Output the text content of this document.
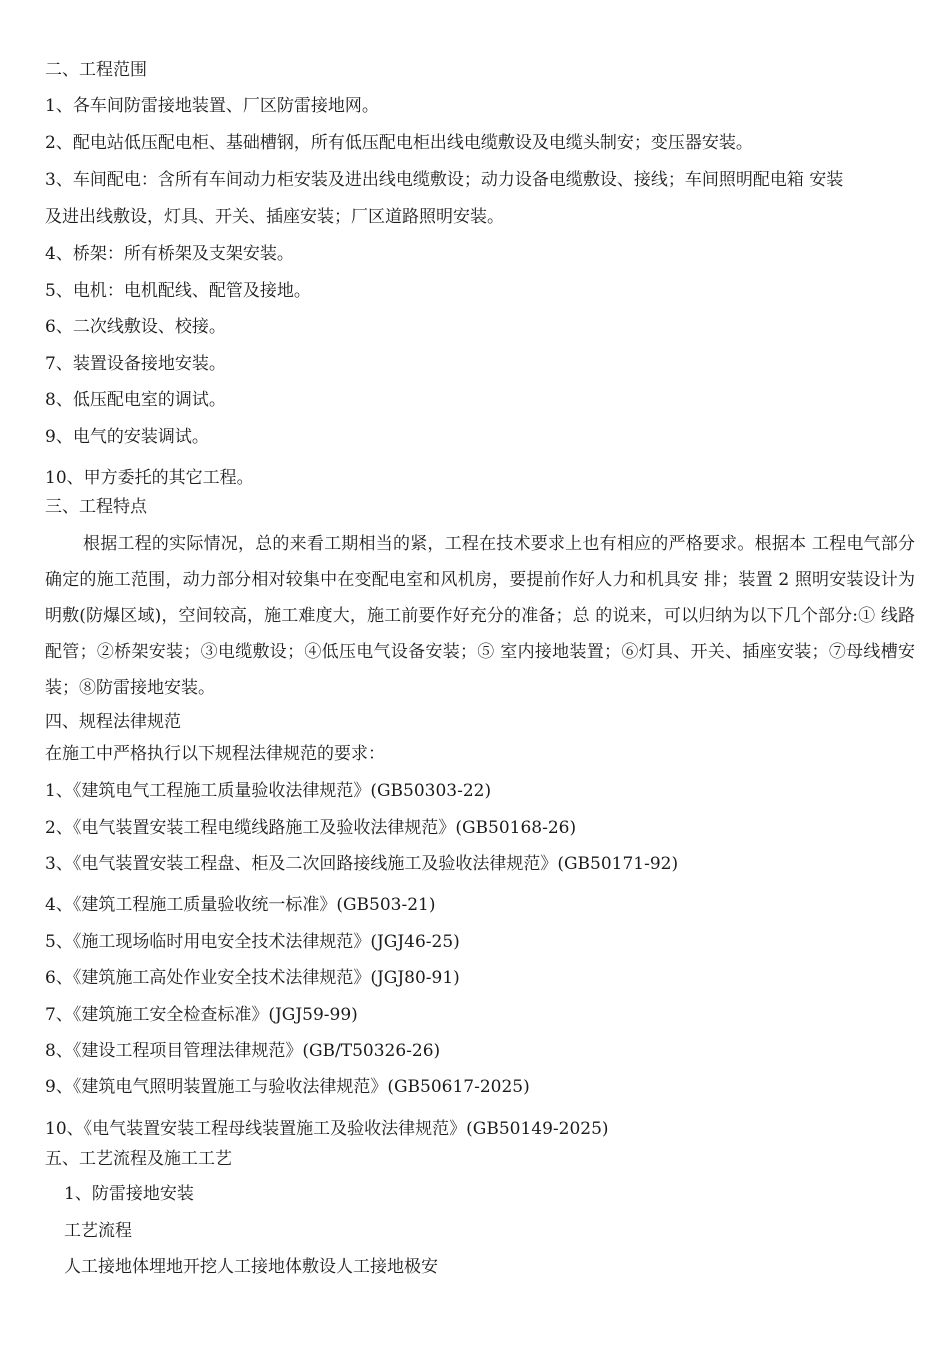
二、工程范围
1、各车间防雷接地装置、厂区防雷接地网。
2、配电站低压配电柜、基础槽钢，所有低压配电柜出线电缆敷设及电缆头制安；变压器安装。
3、车间配电：含所有车间动力柜安装及进出线电缆敷设；动力设备电缆敷设、接线；车间照明配电箱 安装
及进出线敷设，灯具、开关、插座安装；厂区道路照明安装。
4、桥架：所有桥架及支架安装。
5、电机：电机配线、配管及接地。
6、二次线敷设、校接。
7、装置设备接地安装。
8、低压配电室的调试。
9、电气的安装调试。
10、甲方委托的其它工程。
三、工程特点

根据工程的实际情况，总的来看工期相当的紧，工程在技术要求上也有相应的严格要求。根据本 工程电气部分确定的施工范围，动力部分相对较集中在变配电室和风机房，要提前作好人力和机具安 排；装置 2 照明安装设计为明敷(防爆区域)，空间较高，施工难度大，施工前要作好充分的准备；总 的说来，可以归纳为以下几个部分:① 线路配管；②桥架安装；③电缆敷设；④低压电气设备安装；⑤ 室内接地装置；⑥灯具、开关、插座安装；⑦母线槽安装；⑧防雷接地安装。

四、规程法律规范
在施工中严格执行以下规程法律规范的要求：
1、《建筑电气工程施工质量验收法律规范》(GB50303-22)
2、《电气装置安装工程电缆线路施工及验收法律规范》(GB50168-26)
3、《电气装置安装工程盘、柜及二次回路接线施工及验收法律规范》(GB50171-92)
4、《建筑工程施工质量验收统一标准》(GB503-21)
5、《施工现场临时用电安全技术法律规范》(JGJ46-25)
6、《建筑施工高处作业安全技术法律规范》(JGJ80-91)
7、《建筑施工安全检查标准》(JGJ59-99)
8、《建设工程项目管理法律规范》(GB/T50326-26)
9、《建筑电气照明装置施工与验收法律规范》(GB50617-2025)
10、《电气装置安装工程母线装置施工及验收法律规范》(GB50149-2025)
五、工艺流程及施工工艺
1、防雷接地安装
工艺流程
人工接地体埋地开挖人工接地体敷设人工接地极安
